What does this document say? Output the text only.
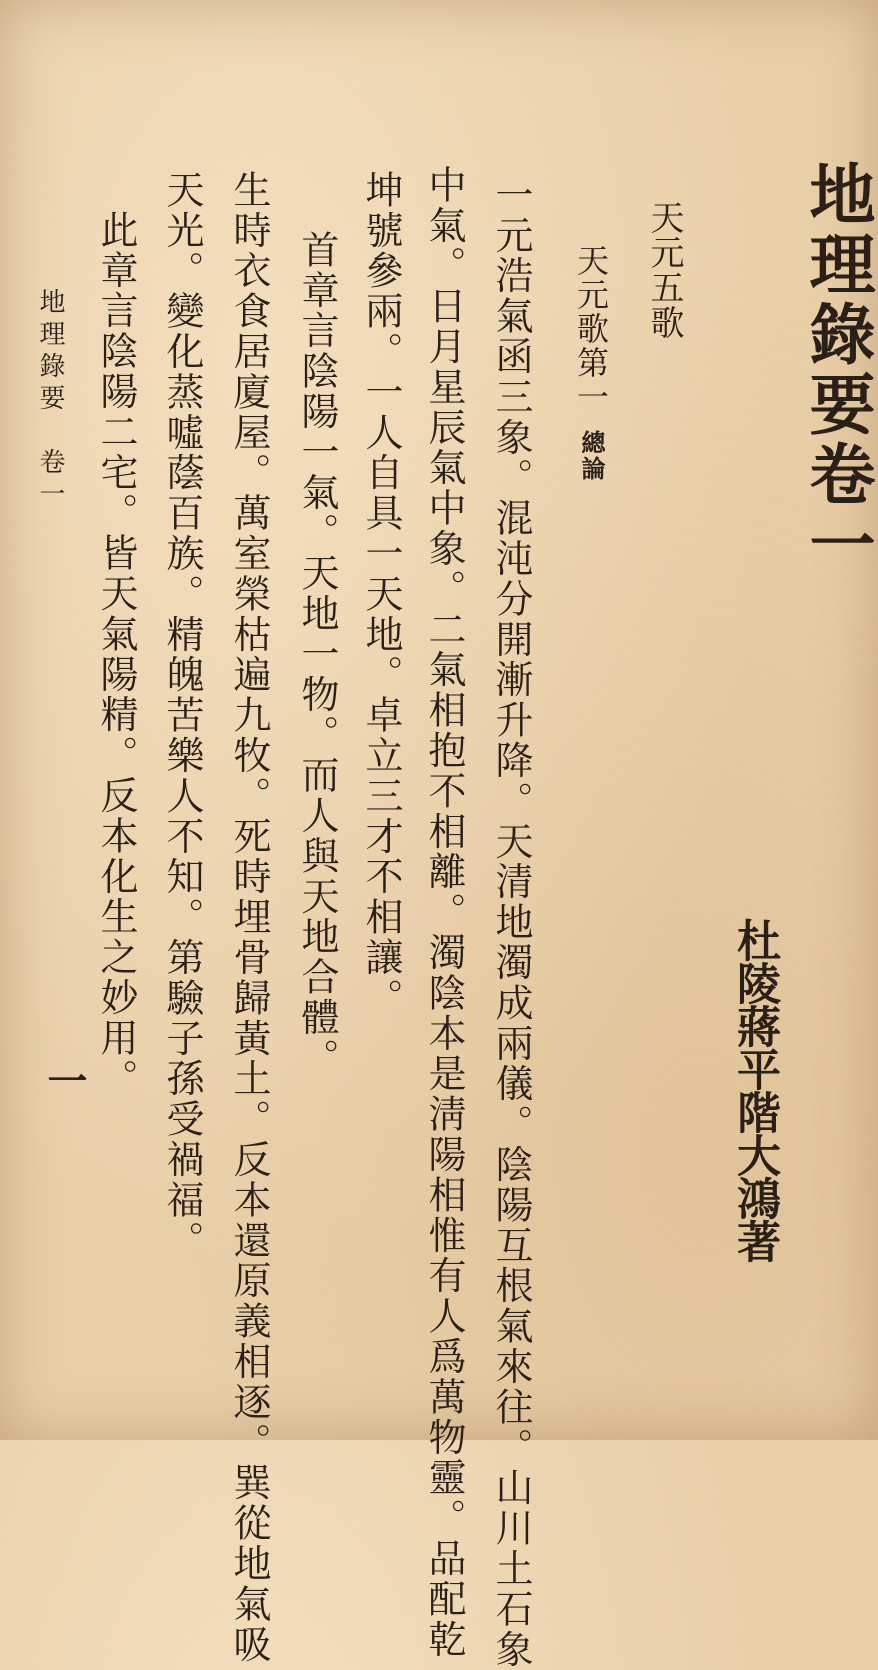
地理錄要卷一
杜陵蔣平階大鴻著
天元五歌
天元歌第一總論
一元浩氣函三象。混沌分開漸升降。天清地濁成兩儀。陰陽互根氣來往。山川土石象
中氣。日月星辰氣中象。二氣相抱不相離。濁陰本是淸陽相惟有人爲萬物靈。品配乾
坤號參兩。一人自具一天地。卓立三才不相讓。
首章言陰陽一氣。天地一物。而人與天地合體。
生時衣食居廈屋。萬室榮枯遍九牧。死時埋骨歸黃土。反本還原義相逐。巽從地氣吸
天光。變化蒸噓蔭百族。精魄苦樂人不知。第驗子孫受禍福。
此章言陰陽二宅。皆天氣陽精。反本化生之妙用。
地理錄要　卷一
一
